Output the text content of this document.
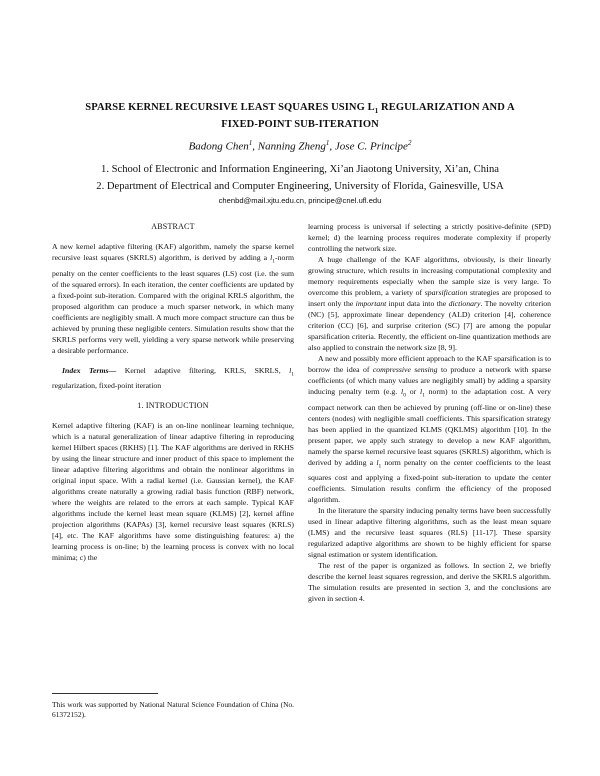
SPARSE KERNEL RECURSIVE LEAST SQUARES USING $L_1$ REGULARIZATION AND A
FIXED-POINT SUB-ITERATION
Badong Chen$^1$, Nanning Zheng$^1$, Jose C. Principe$^2$
1. School of Electronic and Information Engineering, Xi’an Jiaotong University, Xi’an, China
2. Department of Electrical and Computer Engineering, University of Florida, Gainesville, USA
chenbd@mail.xjtu.edu.cn, principe@cnel.ufl.edu
ABSTRACT

A new kernel adaptive filtering (KAF) algorithm, namely the sparse kernel recursive least squares (SKRLS) algorithm, is derived by adding a $l_1$-norm penalty on the center coefficients to the least squares (LS) cost (i.e. the sum of the squared errors). In each iteration, the center coefficients are updated by a fixed-point sub-iteration. Compared with the original KRLS algorithm, the proposed algorithm can produce a much sparser network, in which many coefficients are negligibly small. A much more compact structure can thus be achieved by pruning these negligible centers. Simulation results show that the SKRLS performs very well, yielding a very sparse network while preserving a desirable performance.

Index Terms— Kernel adaptive filtering, KRLS, SKRLS, $l_1$ regularization, fixed-point iteration

1. INTRODUCTION

Kernel adaptive filtering (KAF) is an on-line nonlinear learning technique, which is a natural generalization of linear adaptive filtering in reproducing kernel Hilbert spaces (RKHS) [1]. The KAF algorithms are derived in RKHS by using the linear structure and inner product of this space to implement the linear adaptive filtering algorithms and obtain the nonlinear algorithms in original input space. With a radial kernel (i.e. Gaussian kernel), the KAF algorithms create naturally a growing radial basis function (RBF) network, where the weights are related to the errors at each sample. Typical KAF algorithms include the kernel least mean square (KLMS) [2], kernel affine projection algorithms (KAPAs) [3], kernel recursive least squares (KRLS) [4], etc. The KAF algorithms have some distinguishing features: a) the learning process is on-line; b) the learning process is convex with no local minima; c) the

This work was supported by National Natural Science Foundation of China (No. 61372152).

learning process is universal if selecting a strictly positive-definite (SPD) kernel; d) the learning process requires moderate complexity if properly controlling the network size.

A huge challenge of the KAF algorithms, obviously, is their linearly growing structure, which results in increasing computational complexity and memory requirements especially when the sample size is very large. To overcome this problem, a variety of sparsification strategies are proposed to insert only the important input data into the dictionary. The novelty criterion (NC) [5], approximate linear dependency (ALD) criterion [4], coherence criterion (CC) [6], and surprise criterion (SC) [7] are among the popular sparsification criteria. Recently, the efficient on-line quantization methods are also applied to constrain the network size [8, 9].

A new and possibly more efficient approach to the KAF sparsification is to borrow the idea of compressive sensing to produce a network with sparse coefficients (of which many values are negligibly small) by adding a sparsity inducing penalty term (e.g. $l_0$ or $l_1$ norm) to the adaptation cost. A very compact network can then be achieved by pruning (off-line or on-line) these centers (nodes) with negligible small coefficients. This sparsification strategy has been applied in the quantized KLMS (QKLMS) algorithm [10]. In the present paper, we apply such strategy to develop a new KAF algorithm, namely the sparse kernel recursive least squares (SKRLS) algorithm, which is derived by adding a $l_1$ norm penalty on the center coefficients to the least squares cost and applying a fixed-point sub-iteration to update the center coefficients. Simulation results confirm the efficiency of the proposed algorithm.

In the literature the sparsity inducing penalty terms have been successfully used in linear adaptive filtering algorithms, such as the least mean square (LMS) and the recursive least squares (RLS) [11-17]. These sparsity regularized adaptive algorithms are shown to be highly efficient for sparse signal estimation or system identification.

The rest of the paper is organized as follows. In section 2, we briefly describe the kernel least squares regression, and derive the SKRLS algorithm. The simulation results are presented in section 3, and the conclusions are given in section 4.
